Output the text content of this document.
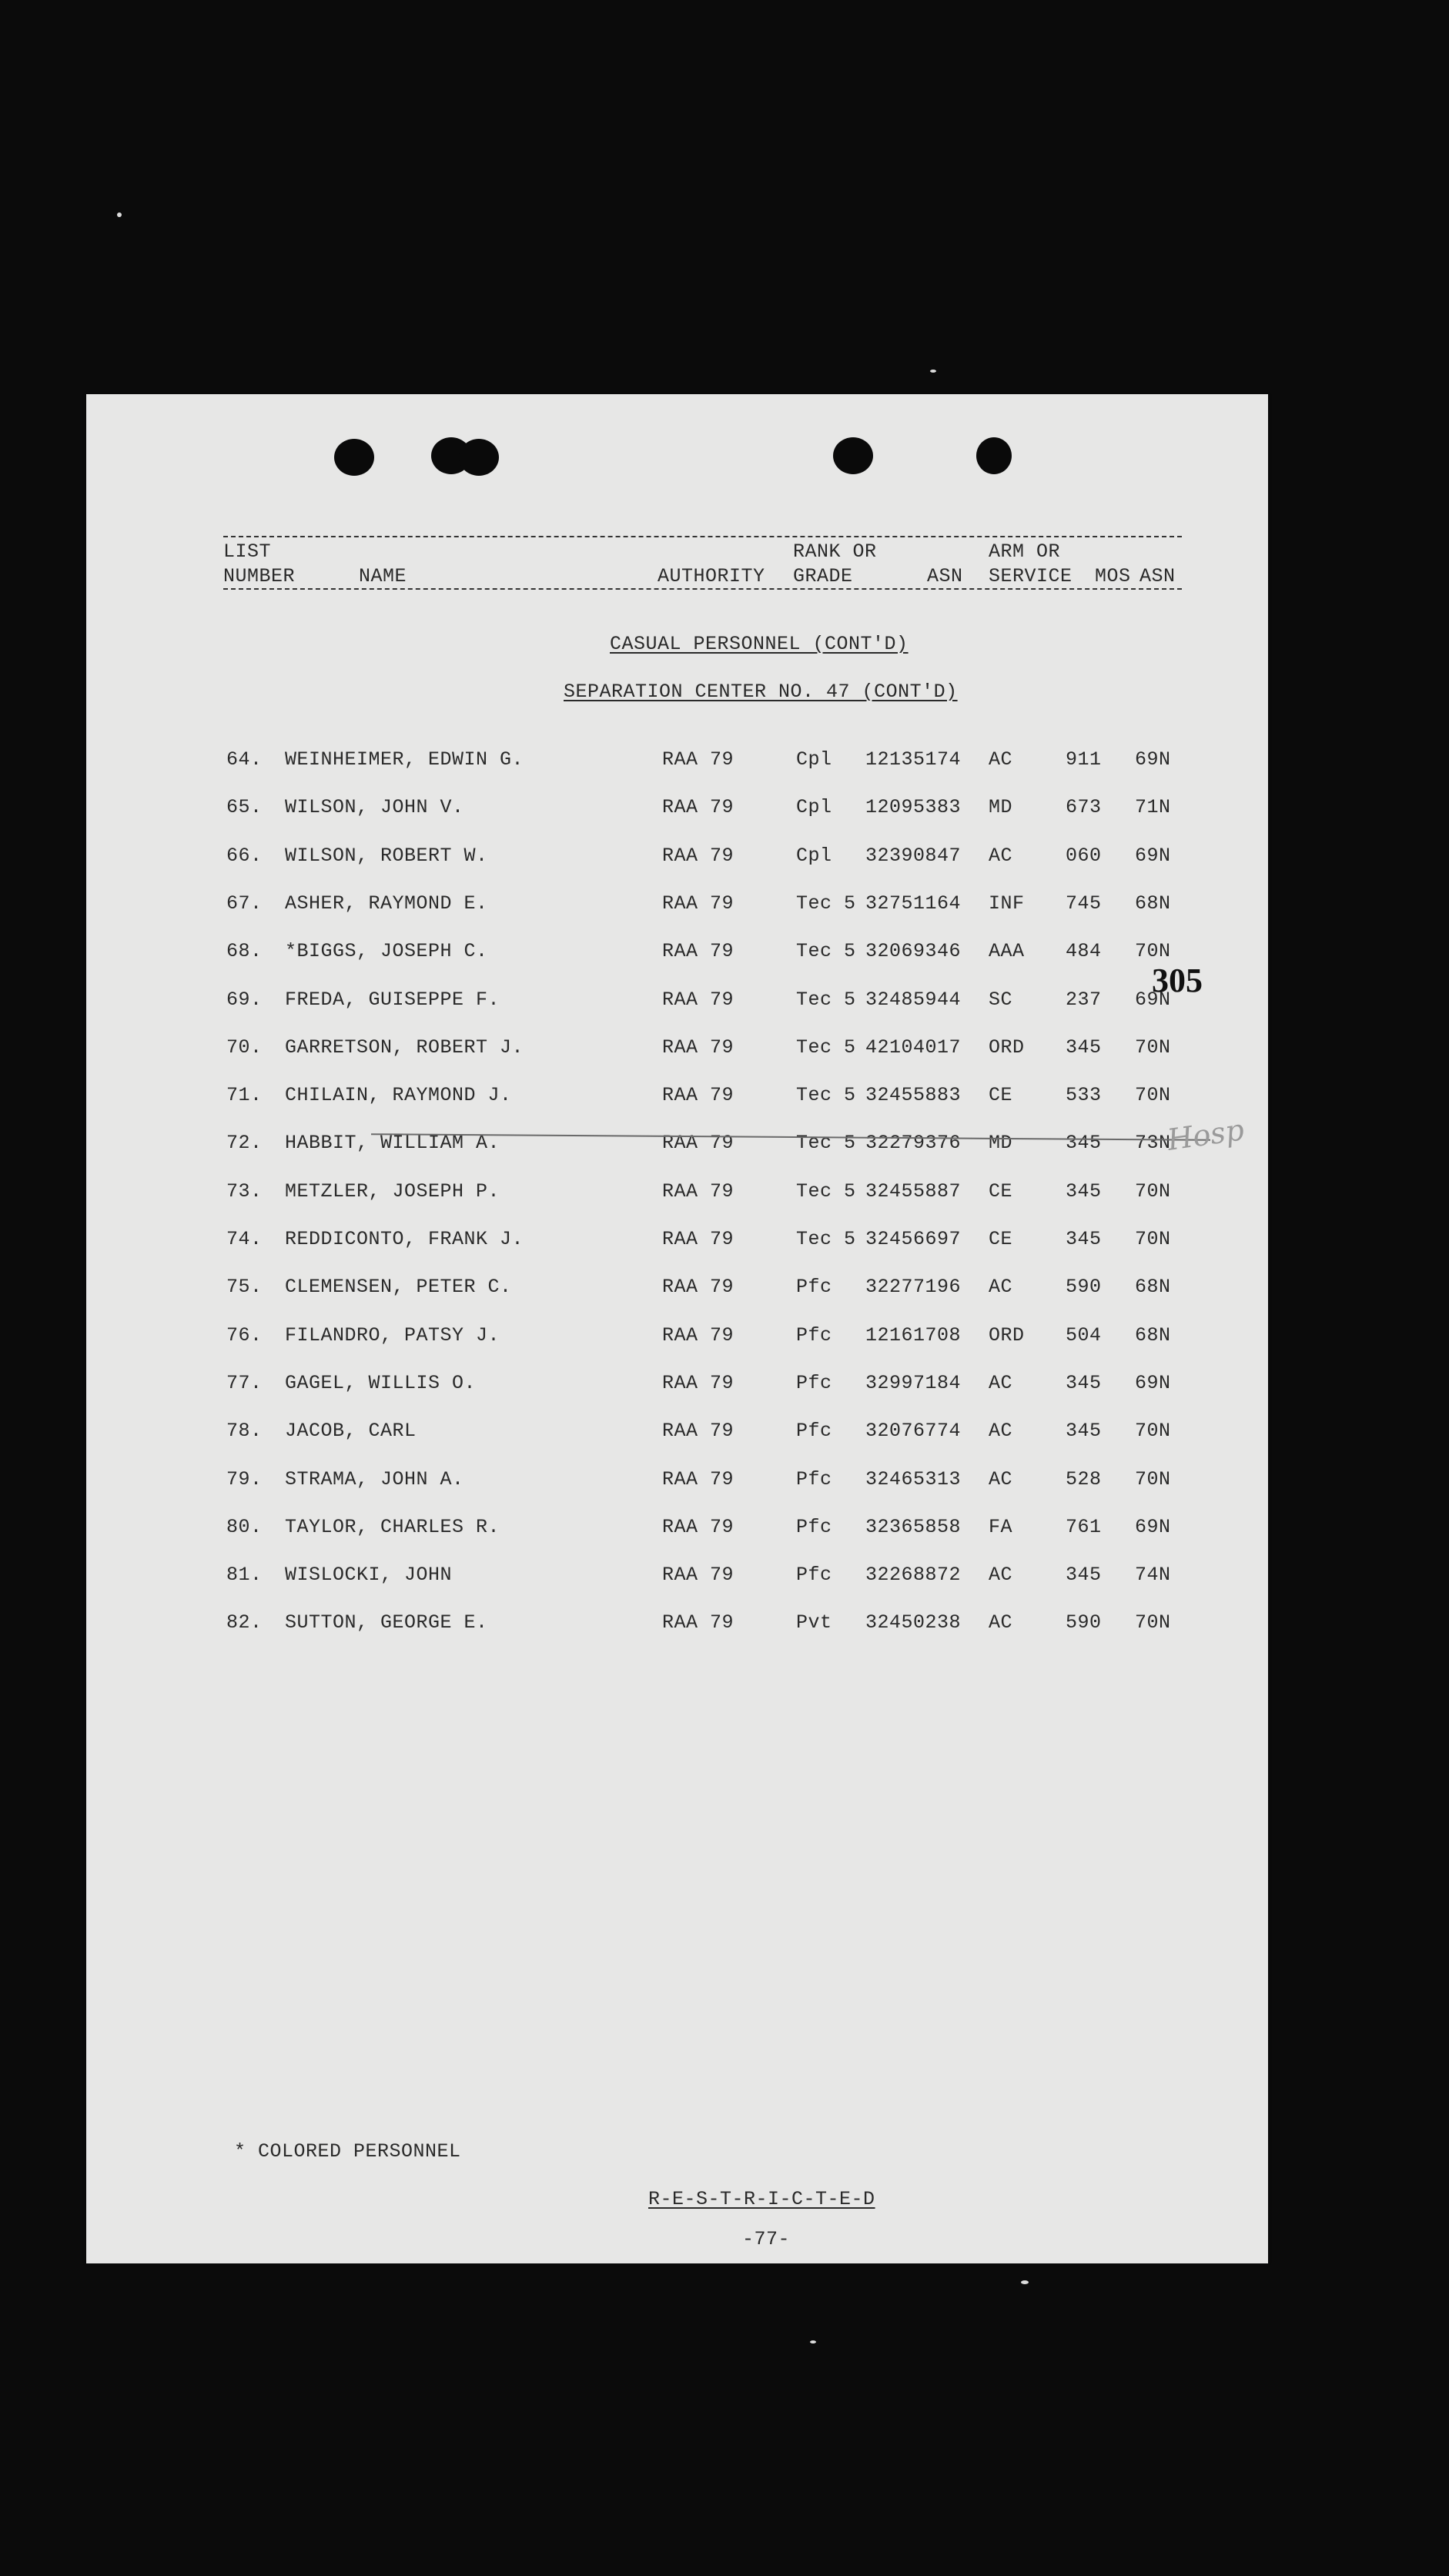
LIST
NUMBER	NAME	AUTHORITY
RANK OR
GRADE	ASN
ARM OR
SERVICE MOS ASN
CASUAL PERSONNEL (CONT'D)
SEPARATION CENTER NO. 47 (CONT'D)
64. WEINHEIMER, EDWIN G.	RAA 79	Cpl 12135174 AC	911 69N
65. WILSON, JOHN V.	RAA 79	Cpl 12095383 MD	673 71N
66. WILSON, ROBERT W.	RAA 79	Cpl 32390847 AC	060 69N
67. ASHER, RAYMOND E.	RAA 79	Tec 5 32751164 INF 745 68N
68. *BIGGS, JOSEPH C.	RAA 79	Tec 5 32069346 AAA 484 70N
69. FREDA, GUISEPPE F.	RAA 79	Tec 5 32485944 SC	237 69N
70. GARRETSON, ROBERT J.	RAA 79	Tec 5 42104017 ORD 345 70N
71. CHILAIN, RAYMOND J.	RAA 79	Tec 5 32455883 CE	533 70N
72. HABBIT, WILLIAM A.	RAA 79	Tec 5 32279376 MD	345 73N
73. METZLER, JOSEPH P.	RAA 79	Tec 5 32455887 CE	345 70N
74. REDDICONTO, FRANK J.	RAA 79	Tec 5 32456697 CE	345 70N
75. CLEMENSEN, PETER C.	RAA 79	Pfc 32277196 AC	590 68N
76. FILANDRO, PATSY J.	RAA 79	Pfc 12161708 ORD 504 68N
77. GAGEL, WILLIS O.	RAA 79	Pfc 32997184 AC	345 69N
78. JACOB, CARL	RAA 79	Pfc 32076774 AC	345 70N
79. STRAMA, JOHN A.	RAA 79	Pfc 32465313 AC	528 70N
80. TAYLOR, CHARLES R.	RAA 79	Pfc 32365858 FA	761 69N
81. WISLOCKI, JOHN	RAA 79	Pfc 32268872 AC	345 74N
82. SUTTON, GEORGE E.	RAA 79	Pvt 32450238 AC	590 70N
305
Hosp
* COLORED PERSONNEL
R-E-S-T-R-I-C-T-E-D
-77-
